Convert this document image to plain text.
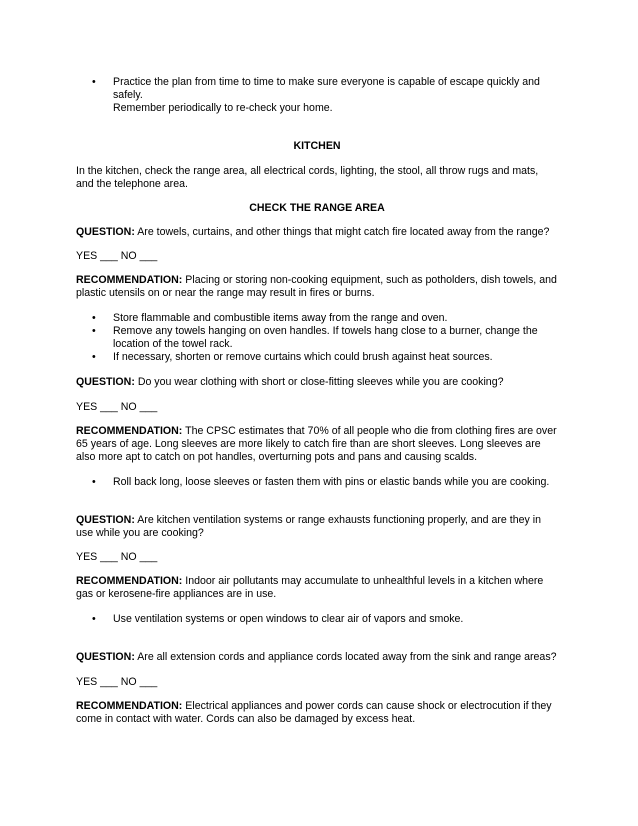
• Practice the plan from time to time to make sure everyone is capable of escape quickly and safely.

Remember periodically to re-check your home.

KITCHEN

In the kitchen, check the range area, all electrical cords, lighting, the stool, all throw rugs and mats, and the telephone area.

CHECK THE RANGE AREA

QUESTION: Are towels, curtains, and other things that might catch fire located away from the range?

YES ___ NO ___

RECOMMENDATION: Placing or storing non-cooking equipment, such as potholders, dish towels, and plastic utensils on or near the range may result in fires or burns.

• Store flammable and combustible items away from the range and oven.
• Remove any towels hanging on oven handles. If towels hang close to a burner, change the location of the towel rack.
• If necessary, shorten or remove curtains which could brush against heat sources.

QUESTION: Do you wear clothing with short or close-fitting sleeves while you are cooking?

YES ___ NO ___

RECOMMENDATION: The CPSC estimates that 70% of all people who die from clothing fires are over 65 years of age. Long sleeves are more likely to catch fire than are short sleeves. Long sleeves are also more apt to catch on pot handles, overturning pots and pans and causing scalds.

• Roll back long, loose sleeves or fasten them with pins or elastic bands while you are cooking.

QUESTION: Are kitchen ventilation systems or range exhausts functioning properly, and are they in use while you are cooking?

YES ___ NO ___

RECOMMENDATION: Indoor air pollutants may accumulate to unhealthful levels in a kitchen where gas or kerosene-fire appliances are in use.

• Use ventilation systems or open windows to clear air of vapors and smoke.

QUESTION: Are all extension cords and appliance cords located away from the sink and range areas?

YES ___ NO ___

RECOMMENDATION: Electrical appliances and power cords can cause shock or electrocution if they come in contact with water. Cords can also be damaged by excess heat.
